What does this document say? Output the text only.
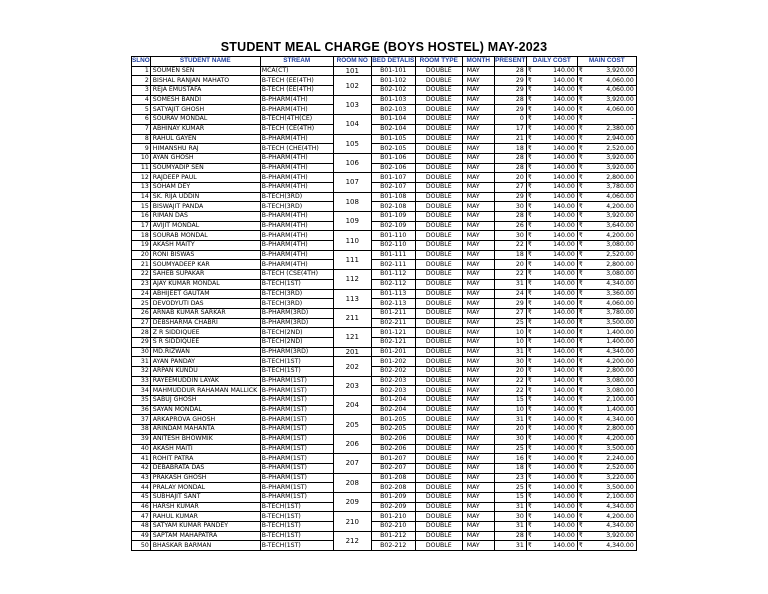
STUDENT MEAL CHARGE (BOYS HOSTEL) MAY-2023
SLNO	STUDENT NAME	STREAM	ROOM NO	BED DETALIS	ROOM TYPE	MONTH	PRESENT	DAILY COST	MAIN COST
1	SOUMEN SEN	MCA(CT)	101	B01-101	DOUBLE	MAY	28	₹ 140.00	₹ 3,920.00

2	BISHAL RANJAN MAHATO	B-TECH (EE(4TH)	102	B01-102	DOUBLE	MAY	29	₹ 140.00	₹ 4,060.00

3	REJA EMUSTAFA	B-TECH (EE(4TH)		B02-102	DOUBLE	MAY	29	₹ 140.00	₹ 4,060.00

4	SOMESH BANDI	B-PHARM(4TH)	103	B01-103	DOUBLE	MAY	28	₹ 140.00	₹ 3,920.00

5	SATYAJIT GHOSH	B-PHARM(4TH)		B02-103	DOUBLE	MAY	29	₹ 140.00	₹ 4,060.00

6	SOURAV MONDAL	B-TECH(4TH(CE)	104	B01-104	DOUBLE	MAY	0	₹ 140.00	₹ -

7	ABHINAY KUMAR	B-TECH (CE(4TH)		B02-104	DOUBLE	MAY	17	₹ 140.00	₹ 2,380.00

8	RAHUL GAYEN	B-PHARM(4TH)	105	B01-105	DOUBLE	MAY	21	₹ 140.00	₹ 2,940.00

9	HIMANSHU RAJ	B-TECH (CHE(4TH)		B02-105	DOUBLE	MAY	18	₹ 140.00	₹ 2,520.00

10	AYAN GHOSH	B-PHARM(4TH)	106	B01-106	DOUBLE	MAY	28	₹ 140.00	₹ 3,920.00

11	SOUMYADIP SEN	B-PHARM(4TH)		B02-106	DOUBLE	MAY	28	₹ 140.00	₹ 3,920.00

12	RAJDEEP PAUL	B-PHARM(4TH)	107	B01-107	DOUBLE	MAY	20	₹ 140.00	₹ 2,800.00

13	SOHAM DEY	B-PHARM(4TH)		B02-107	DOUBLE	MAY	27	₹ 140.00	₹ 3,780.00

14	SK. RIJA UDDIN	B-TECH(3RD)	108	B01-108	DOUBLE	MAY	29	₹ 140.00	₹ 4,060.00

15	BISWAJIT PANDA	B-TECH(3RD)		B02-108	DOUBLE	MAY	30	₹ 140.00	₹ 4,200.00

16	RIMAN DAS	B-PHARM(4TH)	109	B01-109	DOUBLE	MAY	28	₹ 140.00	₹ 3,920.00

17	AVIJIT MONDAL	B-PHARM(4TH)		B02-109	DOUBLE	MAY	26	₹ 140.00	₹ 3,640.00

18	SOURAB MONDAL	B-PHARM(4TH)	110	B01-110	DOUBLE	MAY	30	₹ 140.00	₹ 4,200.00

19	AKASH MAITY	B-PHARM(4TH)		B02-110	DOUBLE	MAY	22	₹ 140.00	₹ 3,080.00

20	RONI BISWAS	B-PHARM(4TH)	111	B01-111	DOUBLE	MAY	18	₹ 140.00	₹ 2,520.00

21	SOUMYADEEP KAR	B-PHARM(4TH)		B02-111	DOUBLE	MAY	20	₹ 140.00	₹ 2,800.00

22	SAHEB SUPAKAR	B-TECH (CSE(4TH)	112	B01-112	DOUBLE	MAY	22	₹ 140.00	₹ 3,080.00

23	AJAY KUMAR MONDAL	B-TECH(1ST)		B02-112	DOUBLE	MAY	31	₹ 140.00	₹ 4,340.00

24	ABHIJEET GAUTAM	B-TECH(3RD)	113	B01-113	DOUBLE	MAY	24	₹ 140.00	₹ 3,360.00

25	DEVODYUTI DAS	B-TECH(3RD)		B02-113	DOUBLE	MAY	29	₹ 140.00	₹ 4,060.00

26	ARNAB KUMAR SARKAR	B-PHARM(3RD)	211	B01-211	DOUBLE	MAY	27	₹ 140.00	₹ 3,780.00

27	DEBSHARMA CHABRI	B-PHARM(3RD)		B02-211	DOUBLE	MAY	25	₹ 140.00	₹ 3,500.00

28	Z R SIDDIQUEE	B-TECH(2ND)	121	B01-121	DOUBLE	MAY	10	₹ 140.00	₹ 1,400.00

29	S R SIDDIQUEE	B-TECH(2ND)		B02-121	DOUBLE	MAY	10	₹ 140.00	₹ 1,400.00

30	MD.RIZWAN	B-PHARM(3RD)	201	B01-201	DOUBLE	MAY	31	₹ 140.00	₹ 4,340.00

31	AYAN PANDAY	B-TECH(1ST)	202	B01-202	DOUBLE	MAY	30	₹ 140.00	₹ 4,200.00

32	ARPAN KUNDU	B-TECH(1ST)		B02-202	DOUBLE	MAY	20	₹ 140.00	₹ 2,800.00

33	RAYEEMUDDIN LAYAK	B-PHARM(1ST)	203	B02-203	DOUBLE	MAY	22	₹ 140.00	₹ 3,080.00

34	MAHMUDDUR RAHAMAN MALLICK	B-PHARM(1ST)		B02-203	DOUBLE	MAY	22	₹ 140.00	₹ 3,080.00

35	SABUJ GHOSH	B-PHARM(1ST)	204	B01-204	DOUBLE	MAY	15	₹ 140.00	₹ 2,100.00

36	SAYAN MONDAL	B-PHARM(1ST)		B02-204	DOUBLE	MAY	10	₹ 140.00	₹ 1,400.00

37	ARKAPROVA GHOSH	B-PHARM(1ST)	205	B01-205	DOUBLE	MAY	31	₹ 140.00	₹ 4,340.00

38	ARINDAM MAHANTA	B-PHARM(1ST)		B02-205	DOUBLE	MAY	20	₹ 140.00	₹ 2,800.00

39	ANITESH BHOWMIK	B-PHARM(1ST)	206	B02-206	DOUBLE	MAY	30	₹ 140.00	₹ 4,200.00

40	AKASH MAITI	B-PHARM(1ST)		B02-206	DOUBLE	MAY	25	₹ 140.00	₹ 3,500.00

41	ROHIT PATRA	B-PHARM(1ST)	207	B01-207	DOUBLE	MAY	16	₹ 140.00	₹ 2,240.00

42	DEBABRATA DAS	B-PHARM(1ST)		B02-207	DOUBLE	MAY	18	₹ 140.00	₹ 2,520.00

43	PRAKASH GHOSH	B-PHARM(1ST)	208	B01-208	DOUBLE	MAY	23	₹ 140.00	₹ 3,220.00

44	PRALAY MONDAL	B-PHARM(1ST)		B02-208	DOUBLE	MAY	25	₹ 140.00	₹ 3,500.00

45	SUBHAJIT SANT	B-PHARM(1ST)	209	B01-209	DOUBLE	MAY	15	₹ 140.00	₹ 2,100.00

46	HARSH KUMAR	B-TECH(1ST)		B02-209	DOUBLE	MAY	31	₹ 140.00	₹ 4,340.00

47	RAHUL KUMAR	B-TECH(1ST)	210	B01-210	DOUBLE	MAY	30	₹ 140.00	₹ 4,200.00

48	SATYAM KUMAR PANDEY	B-TECH(1ST)		B02-210	DOUBLE	MAY	31	₹ 140.00	₹ 4,340.00

49	SAPTAM MAHAPATRA	B-TECH(1ST)	212	B01-212	DOUBLE	MAY	28	₹ 140.00	₹ 3,920.00

50	BHASKAR BARMAN	B-TECH(1ST)		B02-212	DOUBLE	MAY	31	₹ 140.00	₹ 4,340.00
